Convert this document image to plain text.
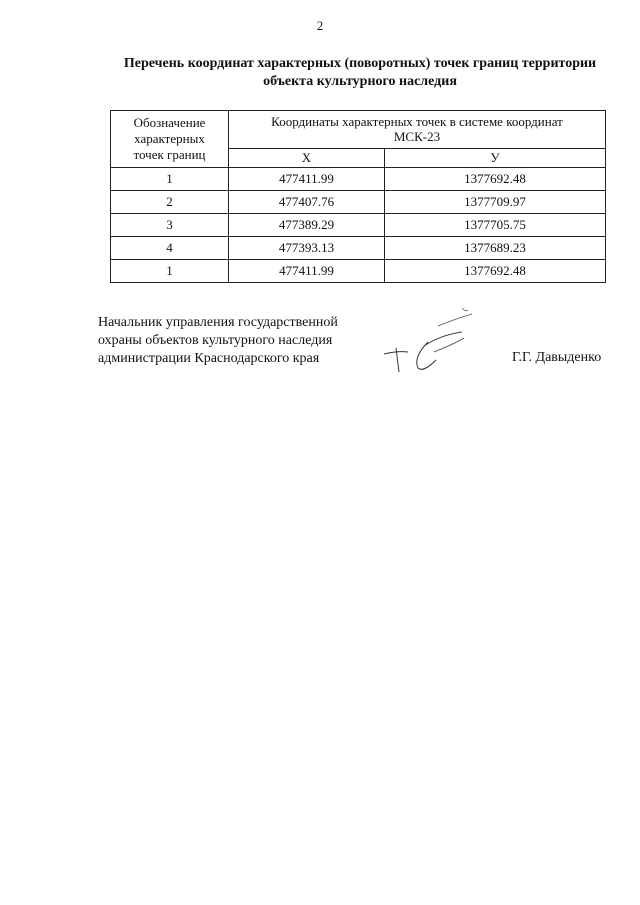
2
Перечень координат характерных (поворотных) точек границ территории
объекта культурного наследия
Обозначение
характерных
точек границ	Координаты характерных точек в системе координат
МСК-23	

	X	У
1	477411.99	1377692.48
2	477407.76	1377709.97
3	477389.29	1377705.75
4	477393.13	1377689.23
1	477411.99	1377692.48
Начальник управления государственной
охраны объектов культурного наследия
администрации Краснодарского края	Г.Г. Давыденко
